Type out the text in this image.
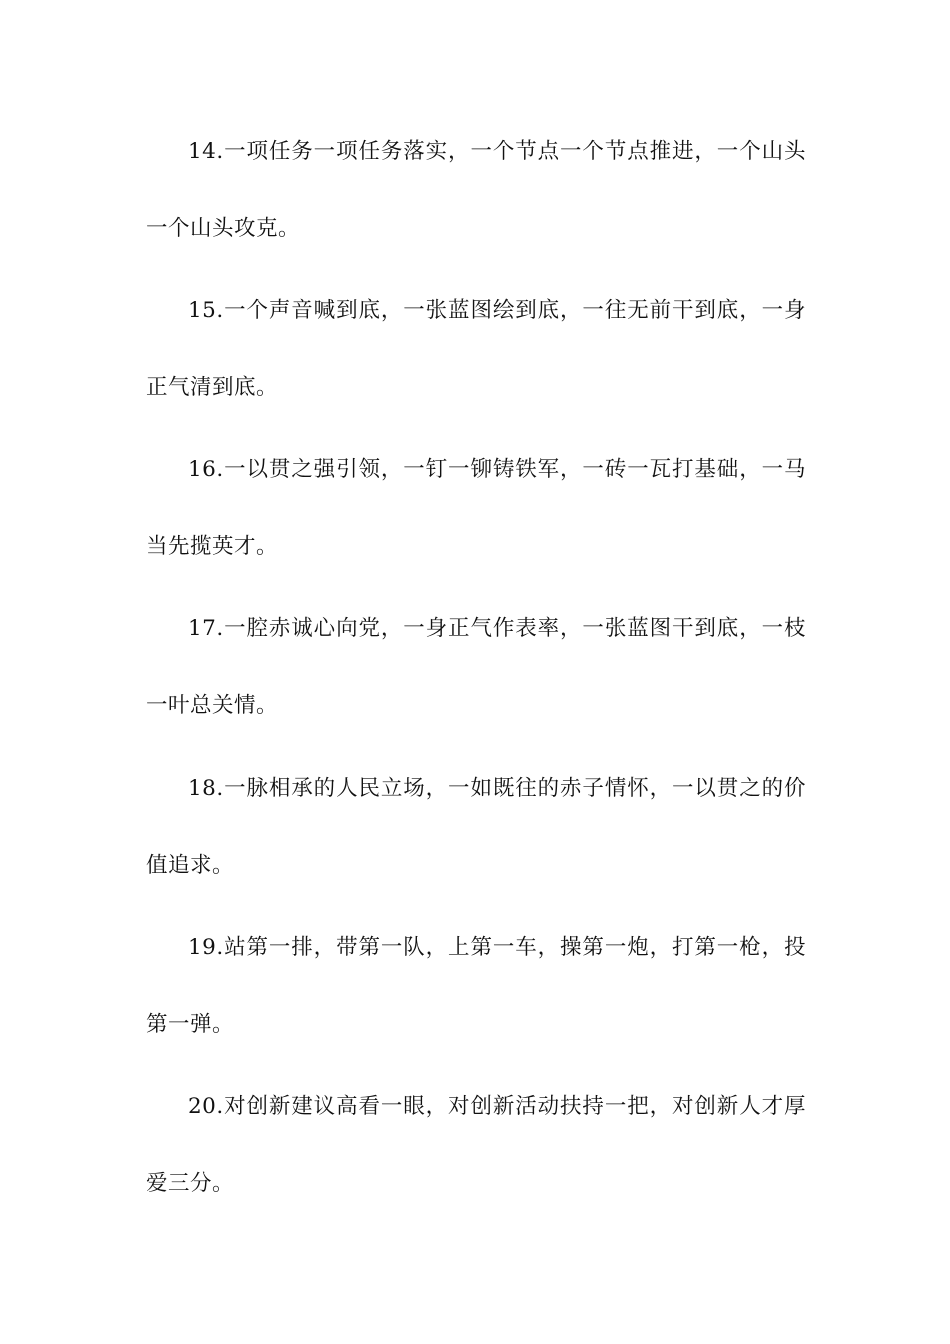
14.一项任务一项任务落实，一个节点一个节点推进，一个山头
一个山头攻克。
15.一个声音喊到底，一张蓝图绘到底，一往无前干到底，一身
正气清到底。
16.一以贯之强引领，一钉一铆铸铁军，一砖一瓦打基础，一马
当先揽英才。
17.一腔赤诚心向党，一身正气作表率，一张蓝图干到底，一枝
一叶总关情。
18.一脉相承的人民立场，一如既往的赤子情怀，一以贯之的价
值追求。
19.站第一排，带第一队，上第一车，操第一炮，打第一枪，投
第一弹。
20.对创新建议高看一眼，对创新活动扶持一把，对创新人才厚
爱三分。
